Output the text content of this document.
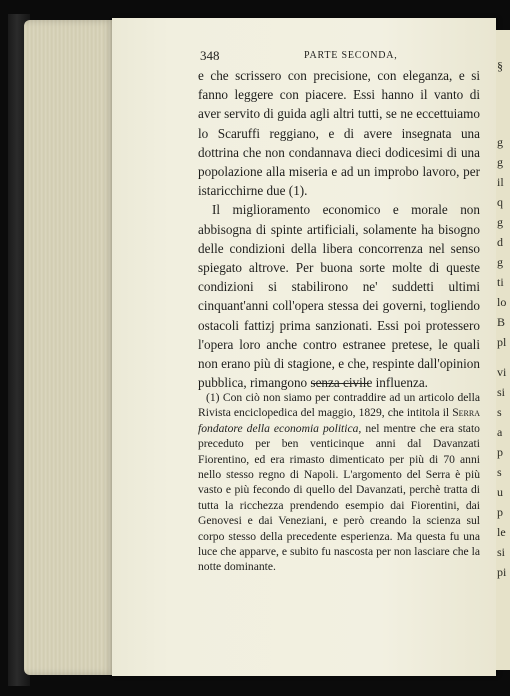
§
g
g
il
q
g
d
g
ti
lo
B
pl
vi
si
s
a
p
s
u
p
le
si
pi
348	PARTE SECONDA,

e che scrissero con precisione, con eleganza, e si fanno leggere con piacere. Essi hanno il vanto di aver servito di guida agli altri tutti, se ne eccettuiamo lo Scaruffi reggiano, e di avere insegnata una dottrina che non condannava dieci dodicesimi di una popolazione alla miseria e ad un improbo lavoro, per istaricchirne due (1).

Il miglioramento economico e morale non abbisogna di spinte artificiali, solamente ha bisogno delle condizioni della libera concorrenza nel senso spiegato altrove. Per buona sorte molte di queste condizioni si stabilirono ne' suddetti ultimi cinquant'anni coll'opera stessa dei governi, togliendo ostacoli fattizj prima sanzionati. Essi poi protessero l'opera loro anche contro estranee pretese, le quali non erano più di stagione, e che, respinte dall'opinion pubblica, rimangono senza civile influenza.

(1) Con ciò non siamo per contraddire ad un articolo della Rivista enciclopedica del maggio, 1829, che intitola il Serra fondatore della economia politica, nel mentre che era stato preceduto per ben venticinque anni dal Davanzati Fiorentino, ed era rimasto dimenticato per più di 70 anni nello stesso regno di Napoli. L'argomento del Serra è più vasto e più fecondo di quello del Davanzati, perchè tratta di tutta la ricchezza prendendo esempio dai Fiorentini, dai Genovesi e dai Veneziani, e però creando la scienza sul corpo stesso della precedente esperienza. Ma questa fu una luce che apparve, e subito fu nascosta per non lasciare che la notte dominante.
